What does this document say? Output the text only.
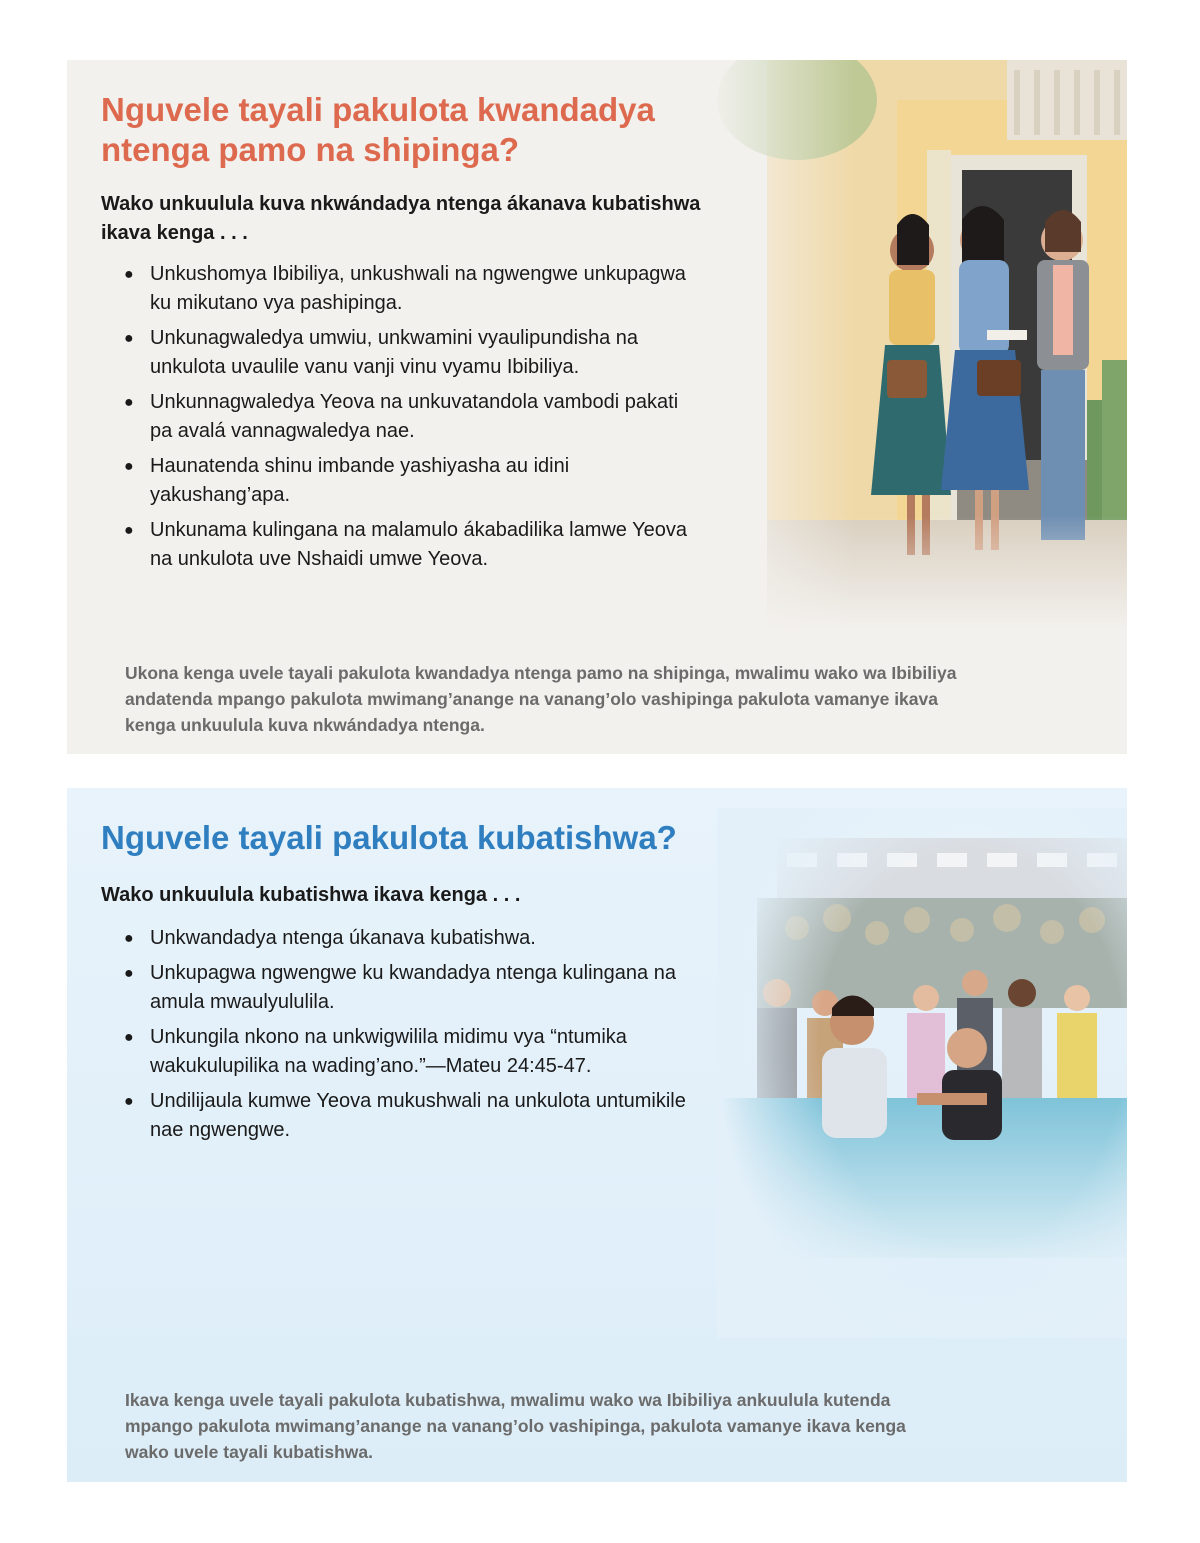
Nguvele tayali pakulota kwandadya ntenga pamo na shipinga?

Wako unkuulula kuva nkwándadya ntenga ákanava kubatishwa ikava kenga . . .

● Unkushomya Ibibiliya, unkushwali na ngwengwe unkupagwa ku mikutano vya pashipinga.
● Unkunagwaledya umwiu, unkwamini vyaulipundisha na unkulota uvaulile vanu vanji vinu vyamu Ibibiliya.
● Unkunnagwaledya Yeova na unkuvatandola vambodi pakati pa avalá vannagwaledya nae.
● Haunatenda shinu imbande yashiyasha au idini yakushang’apa.
● Unkunama kulingana na malamulo ákabadilika lamwe Yeova na unkulota uve Nshaidi umwe Yeova.

Ukona kenga uvele tayali pakulota kwandadya ntenga pamo na shipinga, mwalimu wako wa Ibibiliya andatenda mpango pakulota mwimang’anange na vanang’olo vashipinga pakulota vamanye ikava kenga unkuulula kuva nkwándadya ntenga.

Nguvele tayali pakulota kubatishwa?

Wako unkuulula kubatishwa ikava kenga . . .

● Unkwandadya ntenga úkanava kubatishwa.
● Unkupagwa ngwengwe ku kwandadya ntenga kulingana na amula mwaulyululila.
● Unkungila nkono na unkwigwilila midimu vya “ntumika wakukulupilika na wading’ano.”—Mateu 24:45-47.
● Undilijaula kumwe Yeova mukushwali na unkulota untumikile nae ngwengwe.

Ikava kenga uvele tayali pakulota kubatishwa, mwalimu wako wa Ibibiliya ankuulula kutenda mpango pakulota mwimang’anange na vanang’olo vashipinga, pakulota vamanye ikava kenga wako uvele tayali kubatishwa.
